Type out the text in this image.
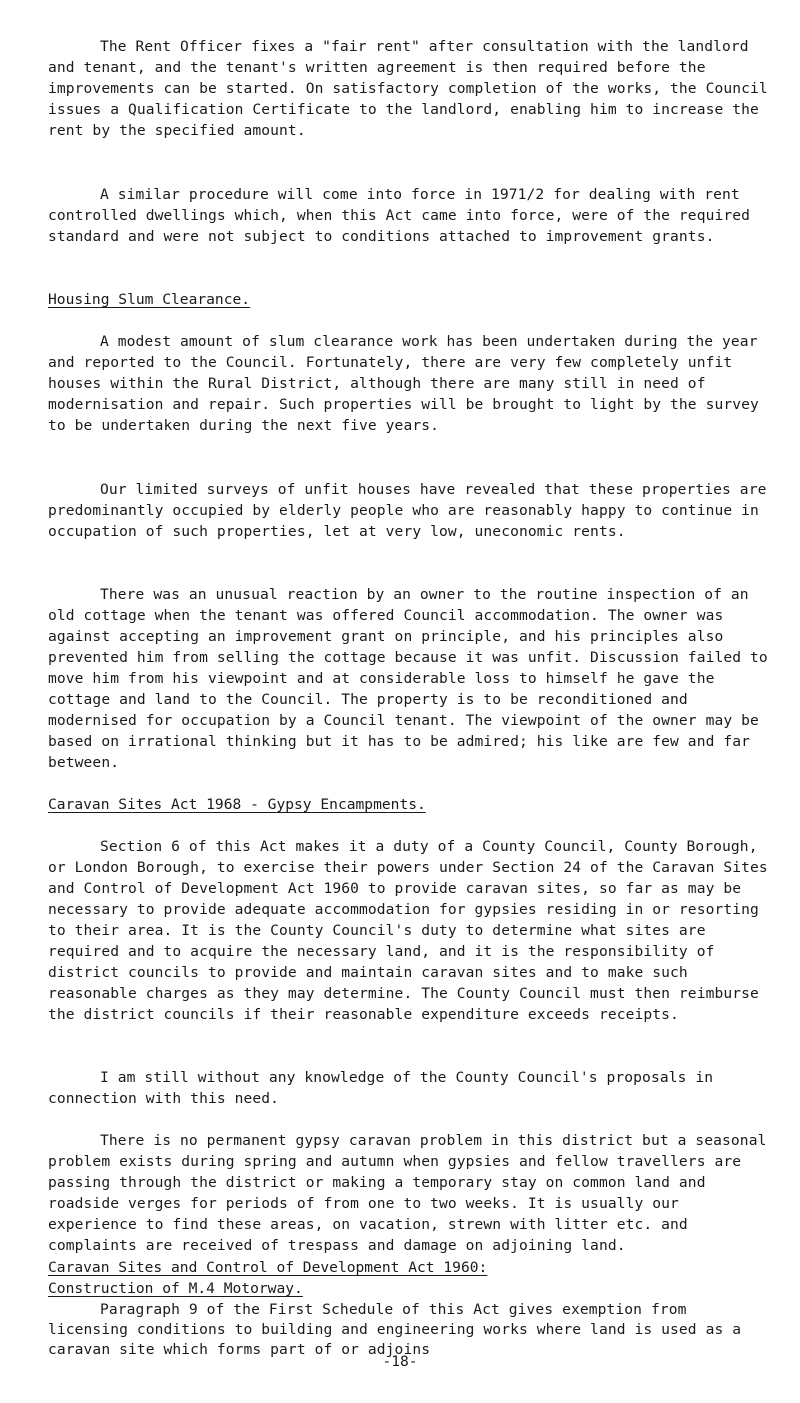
The Rent Officer fixes a "fair rent" after consultation with the landlord and tenant, and the tenant's written agreement is then required before the improvements can be started. On satisfactory completion of the works, the Council issues a Qualification Certificate to the landlord, enabling him to increase the rent by the specified amount.

A similar procedure will come into force in 1971/2 for dealing with rent controlled dwellings which, when this Act came into force, were of the required standard and were not subject to conditions attached to improvement grants.

Housing Slum Clearance.

A modest amount of slum clearance work has been undertaken during the year and reported to the Council. Fortunately, there are very few completely unfit houses within the Rural District, although there are many still in need of modernisation and repair. Such properties will be brought to light by the survey to be undertaken during the next five years.

Our limited surveys of unfit houses have revealed that these properties are predominantly occupied by elderly people who are reasonably happy to continue in occupation of such properties, let at very low, uneconomic rents.

There was an unusual reaction by an owner to the routine inspection of an old cottage when the tenant was offered Council accommodation. The owner was against accepting an improvement grant on principle, and his principles also prevented him from selling the cottage because it was unfit. Discussion failed to move him from his viewpoint and at considerable loss to himself he gave the cottage and land to the Council. The property is to be reconditioned and modernised for occupation by a Council tenant. The viewpoint of the owner may be based on irrational thinking but it has to be admired; his like are few and far between.

Caravan Sites Act 1968 - Gypsy Encampments.

Section 6 of this Act makes it a duty of a County Council, County Borough, or London Borough, to exercise their powers under Section 24 of the Caravan Sites and Control of Development Act 1960 to provide caravan sites, so far as may be necessary to provide adequate accommodation for gypsies residing in or resorting to their area. It is the County Council's duty to determine what sites are required and to acquire the necessary land, and it is the responsibility of district councils to provide and maintain caravan sites and to make such reasonable charges as they may determine. The County Council must then reimburse the district councils if their reasonable expenditure exceeds receipts.

I am still without any knowledge of the County Council's proposals in connection with this need.

There is no permanent gypsy caravan problem in this district but a seasonal problem exists during spring and autumn when gypsies and fellow travellers are passing through the district or making a temporary stay on common land and roadside verges for periods of from one to two weeks. It is usually our experience to find these areas, on vacation, strewn with litter etc. and complaints are received of trespass and damage on adjoining land.

Caravan Sites and Control of Development Act 1960:
Construction of M.4 Motorway.

Paragraph 9 of the First Schedule of this Act gives exemption from licensing conditions to building and engineering works where land is used as a caravan site which forms part of or adjoins

-18-
